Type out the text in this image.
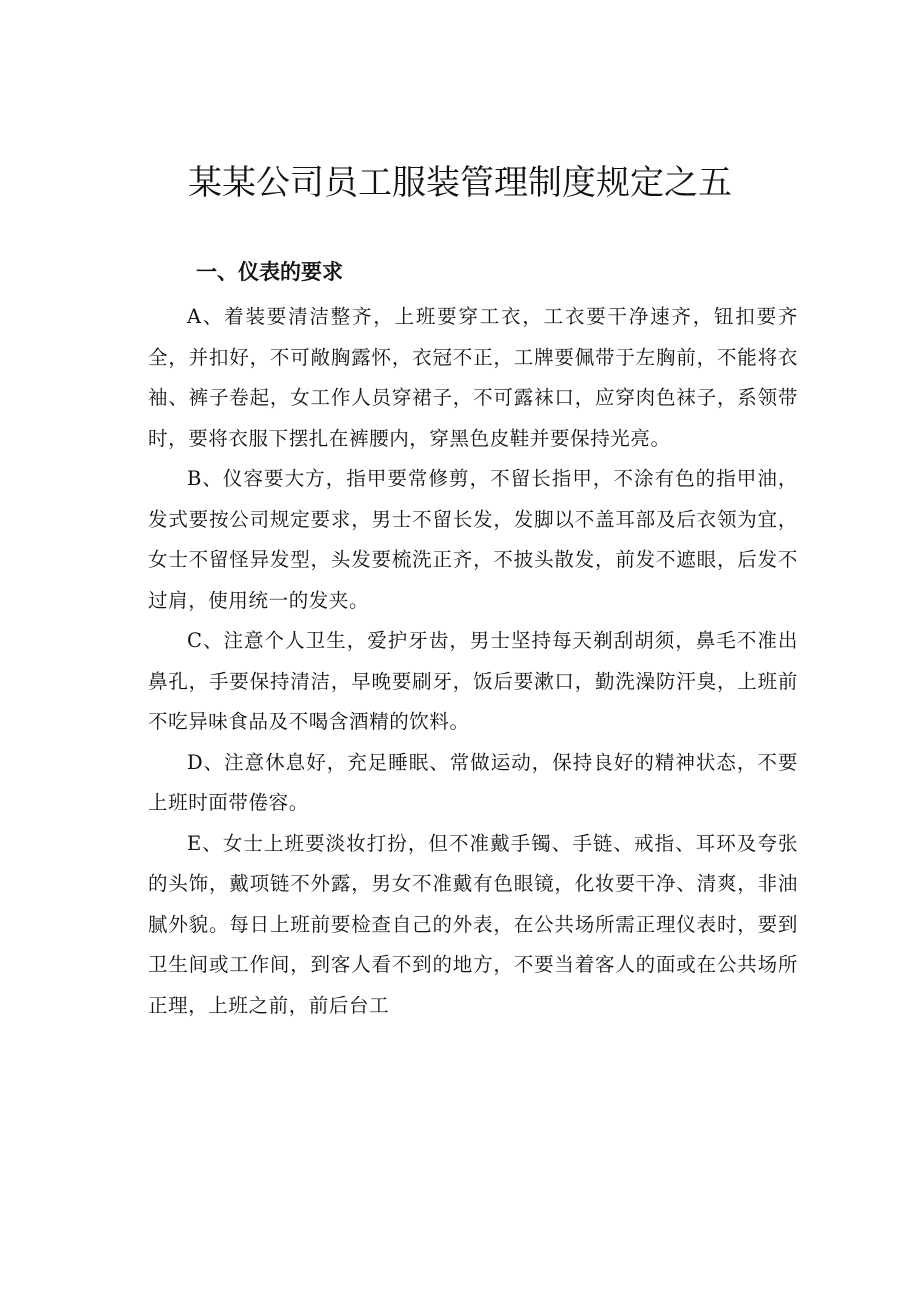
某某公司员工服装管理制度规定之五
一、仪表的要求

A、着装要清洁整齐，上班要穿工衣，工衣要干净速齐，钮扣要齐全，并扣好，不可敞胸露怀，衣冠不正，工牌要佩带于左胸前，不能将衣袖、裤子卷起，女工作人员穿裙子，不可露袜口，应穿肉色袜子，系领带时，要将衣服下摆扎在裤腰内，穿黑色皮鞋并要保持光亮。

B、仪容要大方，指甲要常修剪，不留长指甲，不涂有色的指甲油，发式要按公司规定要求，男士不留长发，发脚以不盖耳部及后衣领为宜，女士不留怪异发型，头发要梳洗正齐，不披头散发，前发不遮眼，后发不过肩，使用统一的发夹。

C、注意个人卫生，爱护牙齿，男士坚持每天剃刮胡须，鼻毛不准出鼻孔，手要保持清洁，早晚要刷牙，饭后要漱口，勤洗澡防汗臭，上班前不吃异味食品及不喝含酒精的饮料。

D、注意休息好，充足睡眠、常做运动，保持良好的精神状态，不要上班时面带倦容。

E、女士上班要淡妆打扮，但不准戴手镯、手链、戒指、耳环及夸张的头饰，戴项链不外露，男女不准戴有色眼镜，化妆要干净、清爽，非油腻外貌。每日上班前要检查自己的外表，在公共场所需正理仪表时，要到卫生间或工作间，到客人看不到的地方，不要当着客人的面或在公共场所正理，上班之前，前后台工
